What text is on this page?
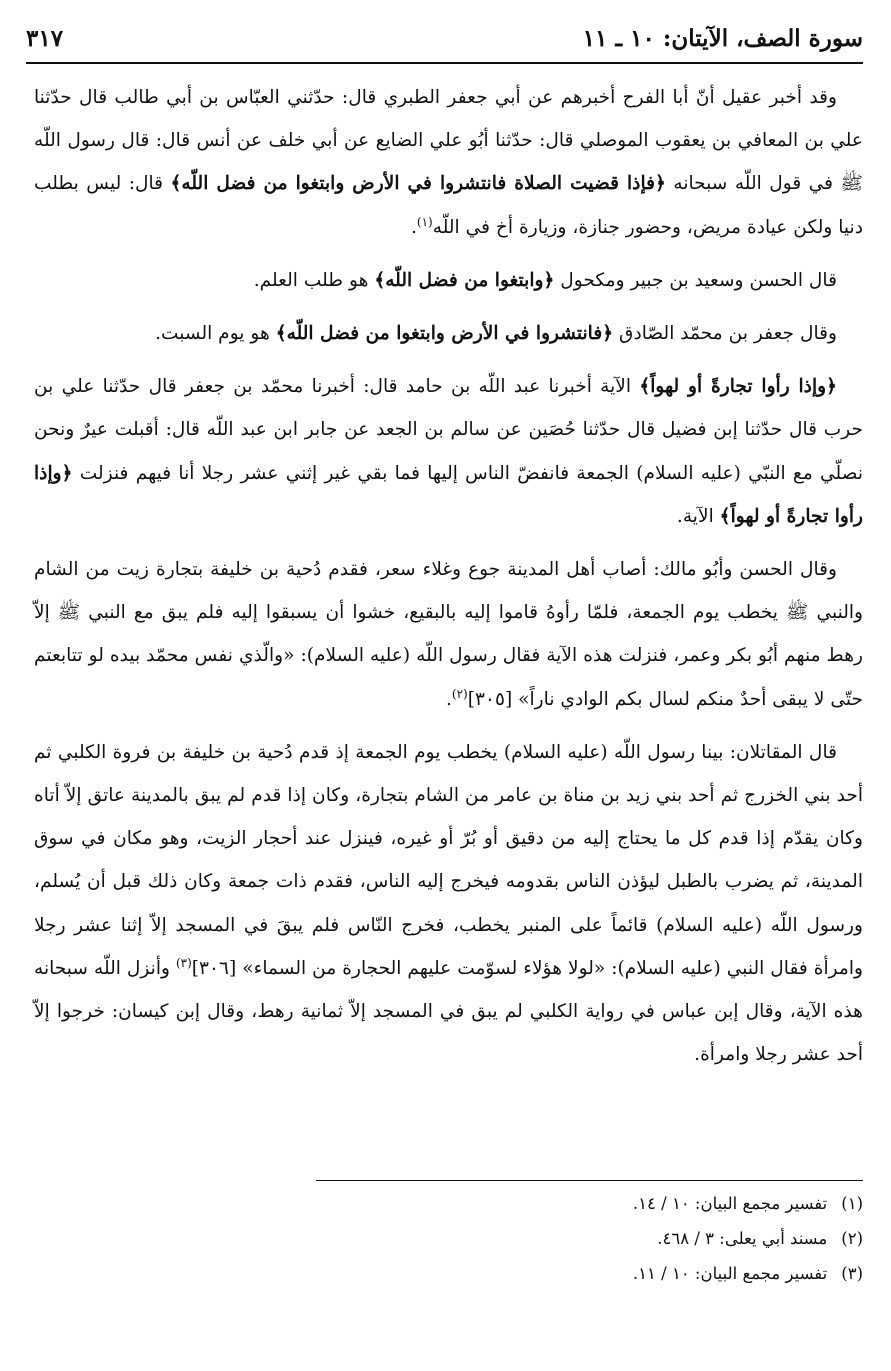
سورة الصف، الآيتان: ١٠ ـ ١١
٣١٧

وقد أخبر عقيل أنّ أبا الفرح أخبرهم عن أبي جعفر الطبري قال: حدّثني العبّاس بن أبي طالب قال حدّثنا علي بن المعافي بن يعقوب الموصلي قال: حدّثنا أبُو علي الضايع عن أبي خلف عن أنس قال: قال رسول اللّه ﷺ في قول اللّه سبحانه ﴿فإذا قضيت الصلاة فانتشروا في الأرض وابتغوا من فضل اللّه﴾ قال: ليس بطلب دنيا ولكن عيادة مريض، وحضور جنازة، وزيارة أخ في اللّه$^{(١)}$.

قال الحسن وسعيد بن جبير ومكحول ﴿وابتغوا من فضل اللّه﴾ هو طلب العلم.

وقال جعفر بن محمّد الصّادق ﴿فانتشروا في الأرض وابتغوا من فضل اللّه﴾ هو يوم السبت.

﴿وإذا رأوا تجارةً أو لهواً﴾ الآية أخبرنا عبد اللّه بن حامد قال: أخبرنا محمّد بن جعفر قال حدّثنا علي بن حرب قال حدّثنا إبن فضيل قال حدّثنا حُصَين عن سالم بن الجعد عن جابر ابن عبد اللّه قال: أقبلت عيرٌ ونحن نصلّي مع النبّي (عليه السلام) الجمعة فانفضّ الناس إليها فما بقي غير إثني عشر رجلا أنا فيهم فنزلت ﴿وإذا رأوا تجارةً أو لهواً﴾ الآية.

وقال الحسن وأبُو مالك: أصاب أهل المدينة جوع وغلاء سعر، فقدم دُحية بن خليفة بتجارة زيت من الشام والنبي ﷺ يخطب يوم الجمعة، فلمّا رأوهُ قاموا إليه بالبقيع، خشوا أن يسبقوا إليه فلم يبق مع النبي ﷺ إلاّ رهط منهم أبُو بكر وعمر، فنزلت هذه الآية فقال رسول اللّه (عليه السلام): «والّذي نفس محمّد بيده لو تتابعتم حتّى لا يبقى أحدٌ منكم لسال بكم الوادي ناراً» [٣٠٥]$^{(٢)}$.

قال المقاتلان: بينا رسول اللّه (عليه السلام) يخطب يوم الجمعة إذ قدم دُحية بن خليفة بن فروة الكلبي ثم أحد بني الخزرج ثم أحد بني زيد بن مناة بن عامر من الشام بتجارة، وكان إذا قدم لم يبق بالمدينة عاتق إلاّ أتاه وكان يقدّم إذا قدم كل ما يحتاج إليه من دقيق أو بُرّ أو غيره، فينزل عند أحجار الزيت، وهو مكان في سوق المدينة، ثم يضرب بالطبل ليؤذن الناس بقدومه فيخرج إليه الناس، فقدم ذات جمعة وكان ذلك قبل أن يُسلم، ورسول اللّه (عليه السلام) قائماً على المنبر يخطب، فخرج النّاس فلم يبقَ في المسجد إلاّ إثنا عشر رجلا وامرأة فقال النبي (عليه السلام): «لولا هؤلاء لسوّمت عليهم الحجارة من السماء» [٣٠٦]$^{(٣)}$ وأنزل اللّه سبحانه هذه الآية، وقال إبن عباس في رواية الكلبي لم يبق في المسجد إلاّ ثمانية رهط، وقال إبن كيسان: خرجوا إلاّ أحد عشر رجلا وامرأة.

(١)
تفسير مجمع البيان: ١٠ / ١٤.
(٢)
مسند أبي يعلى: ٣ / ٤٦٨.
(٣)
تفسير مجمع البيان: ١٠ / ١١.
